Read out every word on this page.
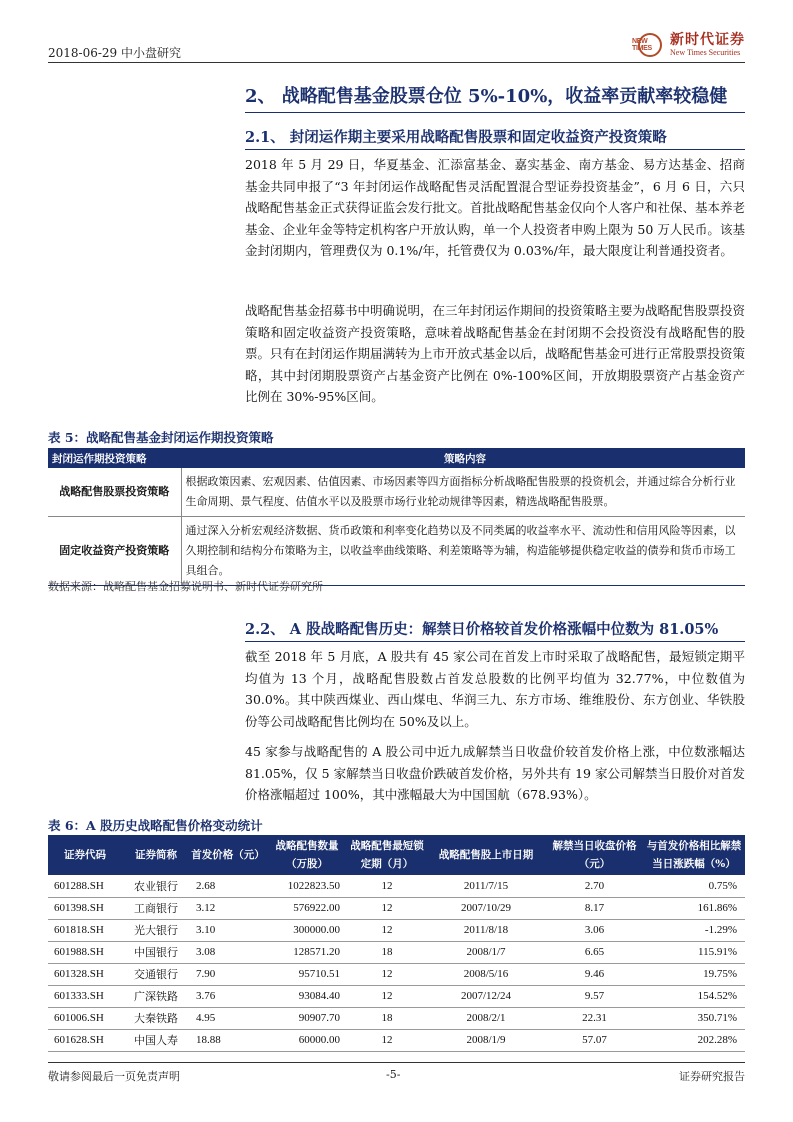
2018-06-29 中小盘研究
NEW TIMES
新时代证券
New Times Securities
2、 战略配售基金股票仓位 5%-10%，收益率贡献率较稳健
2.1、 封闭运作期主要采用战略配售股票和固定收益资产投资策略
2018 年 5 月 29 日，华夏基金、汇添富基金、嘉实基金、南方基金、易方达基金、招商基金共同申报了“3 年封闭运作战略配售灵活配置混合型证券投资基金”，6 月 6 日，六只战略配售基金正式获得证监会发行批文。首批战略配售基金仅向个人客户和社保、基本养老基金、企业年金等特定机构客户开放认购，单一个人投资者申购上限为 50 万人民币。该基金封闭期内，管理费仅为 0.1%/年，托管费仅为 0.03%/年，最大限度让利普通投资者。
战略配售基金招募书中明确说明，在三年封闭运作期间的投资策略主要为战略配售股票投资策略和固定收益资产投资策略，意味着战略配售基金在封闭期不会投资没有战略配售的股票。只有在封闭运作期届满转为上市开放式基金以后，战略配售基金可进行正常股票投资策略，其中封闭期股票资产占基金资产比例在 0%-100%区间，开放期股票资产占基金资产比例在 30%-95%区间。
表 5：战略配售基金封闭运作期投资策略
封闭运作期投资策略	策略内容
战略配售股票投资策略	根据政策因素、宏观因素、估值因素、市场因素等四方面指标分析战略配售股票的投资机会，并通过综合分析行业生命周期、景气程度、估值水平以及股票市场行业轮动规律等因素，精选战略配售股票。
固定收益资产投资策略	通过深入分析宏观经济数据、货币政策和利率变化趋势以及不同类属的收益率水平、流动性和信用风险等因素，以久期控制和结构分布策略为主，以收益率曲线策略、利差策略等为辅，构造能够提供稳定收益的债券和货币市场工具组合。
数据来源：战略配售基金招募说明书、新时代证券研究所
2.2、 A 股战略配售历史：解禁日价格较首发价格涨幅中位数为 81.05%
截至 2018 年 5 月底，A 股共有 45 家公司在首发上市时采取了战略配售，最短锁定期平均值为 13 个月，战略配售股数占首发总股数的比例平均值为 32.77%，中位数值为 30.0%。其中陕西煤业、西山煤电、华润三九、东方市场、维维股份、东方创业、华铁股份等公司战略配售比例均在 50%及以上。
45 家参与战略配售的 A 股公司中近九成解禁当日收盘价较首发价格上涨，中位数涨幅达 81.05%，仅 5 家解禁当日收盘价跌破首发价格，另外共有 19 家公司解禁当日股价对首发价格涨幅超过 100%，其中涨幅最大为中国国航（678.93%）。
表 6：A 股历史战略配售价格变动统计
证券代码	证券简称	首发价格（元）	战略配售数量（万股）	战略配售最短锁定期（月）	战略配售股上市日期	解禁当日收盘价格（元）	与首发价格相比解禁当日涨跌幅（%）
601288.SH	农业银行	2.68	1022823.50	12	2011/7/15	2.70	0.75%
601398.SH	工商银行	3.12	576922.00	12	2007/10/29	8.17	161.86%
601818.SH	光大银行	3.10	300000.00	12	2011/8/18	3.06	-1.29%
601988.SH	中国银行	3.08	128571.20	18	2008/1/7	6.65	115.91%
601328.SH	交通银行	7.90	95710.51	12	2008/5/16	9.46	19.75%
601333.SH	广深铁路	3.76	93084.40	12	2007/12/24	9.57	154.52%
601006.SH	大秦铁路	4.95	90907.70	18	2008/2/1	22.31	350.71%
601628.SH	中国人寿	18.88	60000.00	12	2008/1/9	57.07	202.28%
敬请参阅最后一页免责声明	-5-	证券研究报告
